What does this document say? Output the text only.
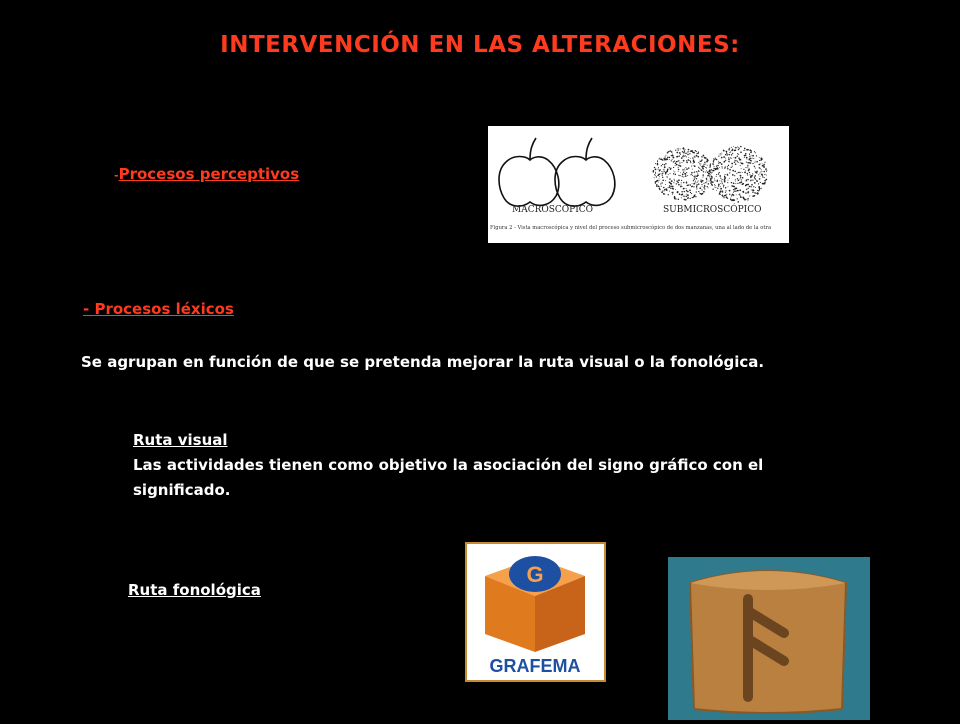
INTERVENCIÓN EN LAS ALTERACIONES:
-Procesos perceptivos
MACROSCÓPICO	SUBMICROSCÓPICO
Figura 2 - Vista macroscópica y nivel del proceso submicroscópico de dos manzanas, una al lado de la otra
- Procesos léxicos
Se agrupan en función de que se pretenda mejorar la ruta visual o la fonológica.
Ruta visual
Las actividades tienen como objetivo la asociación del signo gráfico con el significado.
Ruta fonológica
G
GRAFEMA
